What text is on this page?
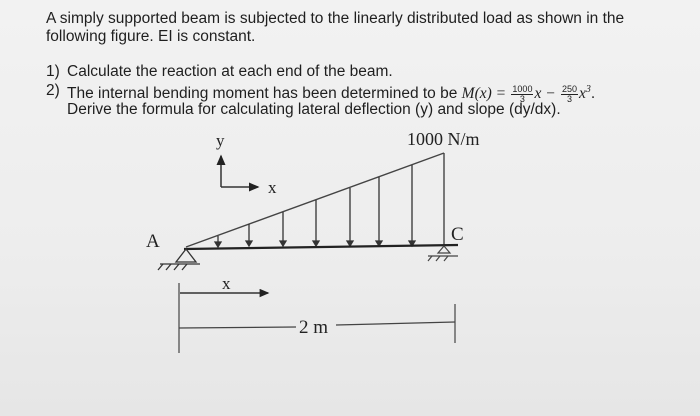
A simply supported beam is subjected to the linearly distributed load as shown in the
following figure. EI is constant.
1) Calculate the reaction at each end of the beam.
2) The internal bending moment has been determined to be $M(x) = \frac{1000}{3}$ $x - \frac{250}{3} x^3$.
Derive the formula for calculating lateral deflection (y) and slope (dy/dx).
y
x
1000 N/m
A	C
x
2 m
